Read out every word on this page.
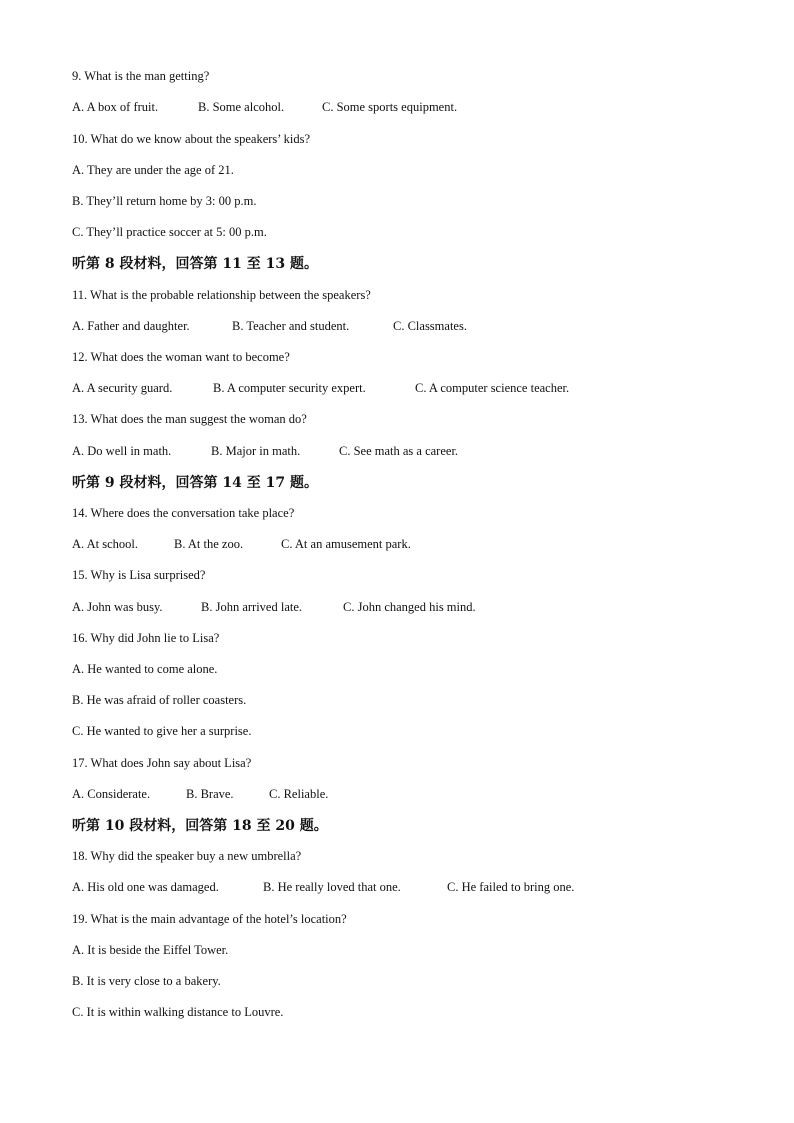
9. What is the man getting?
A. A box of fruit.	B. Some alcohol.	C. Some sports equipment.
10. What do we know about the speakers’ kids?
A. They are under the age of 21.
B. They’ll return home by 3: 00 p.m.
C. They’ll practice soccer at 5: 00 p.m.
听第 8 段材料，回答第 11 至 13 题。
11. What is the probable relationship between the speakers?
A. Father and daughter.	B. Teacher and student.	C. Classmates.
12. What does the woman want to become?
A. A security guard.	B. A computer security expert.	C. A computer science teacher.
13. What does the man suggest the woman do?
A. Do well in math.	B. Major in math.	C. See math as a career.
听第 9 段材料，回答第 14 至 17 题。
14. Where does the conversation take place?
A. At school.	B. At the zoo.	C. At an amusement park.
15. Why is Lisa surprised?
A. John was busy.	B. John arrived late.	C. John changed his mind.
16. Why did John lie to Lisa?
A. He wanted to come alone.
B. He was afraid of roller coasters.
C. He wanted to give her a surprise.
17. What does John say about Lisa?
A. Considerate.	B. Brave.	C. Reliable.
听第 10 段材料，回答第 18 至 20 题。
18. Why did the speaker buy a new umbrella?
A. His old one was damaged.	B. He really loved that one.	C. He failed to bring one.
19. What is the main advantage of the hotel’s location?
A. It is beside the Eiffel Tower.
B. It is very close to a bakery.
C. It is within walking distance to Louvre.
